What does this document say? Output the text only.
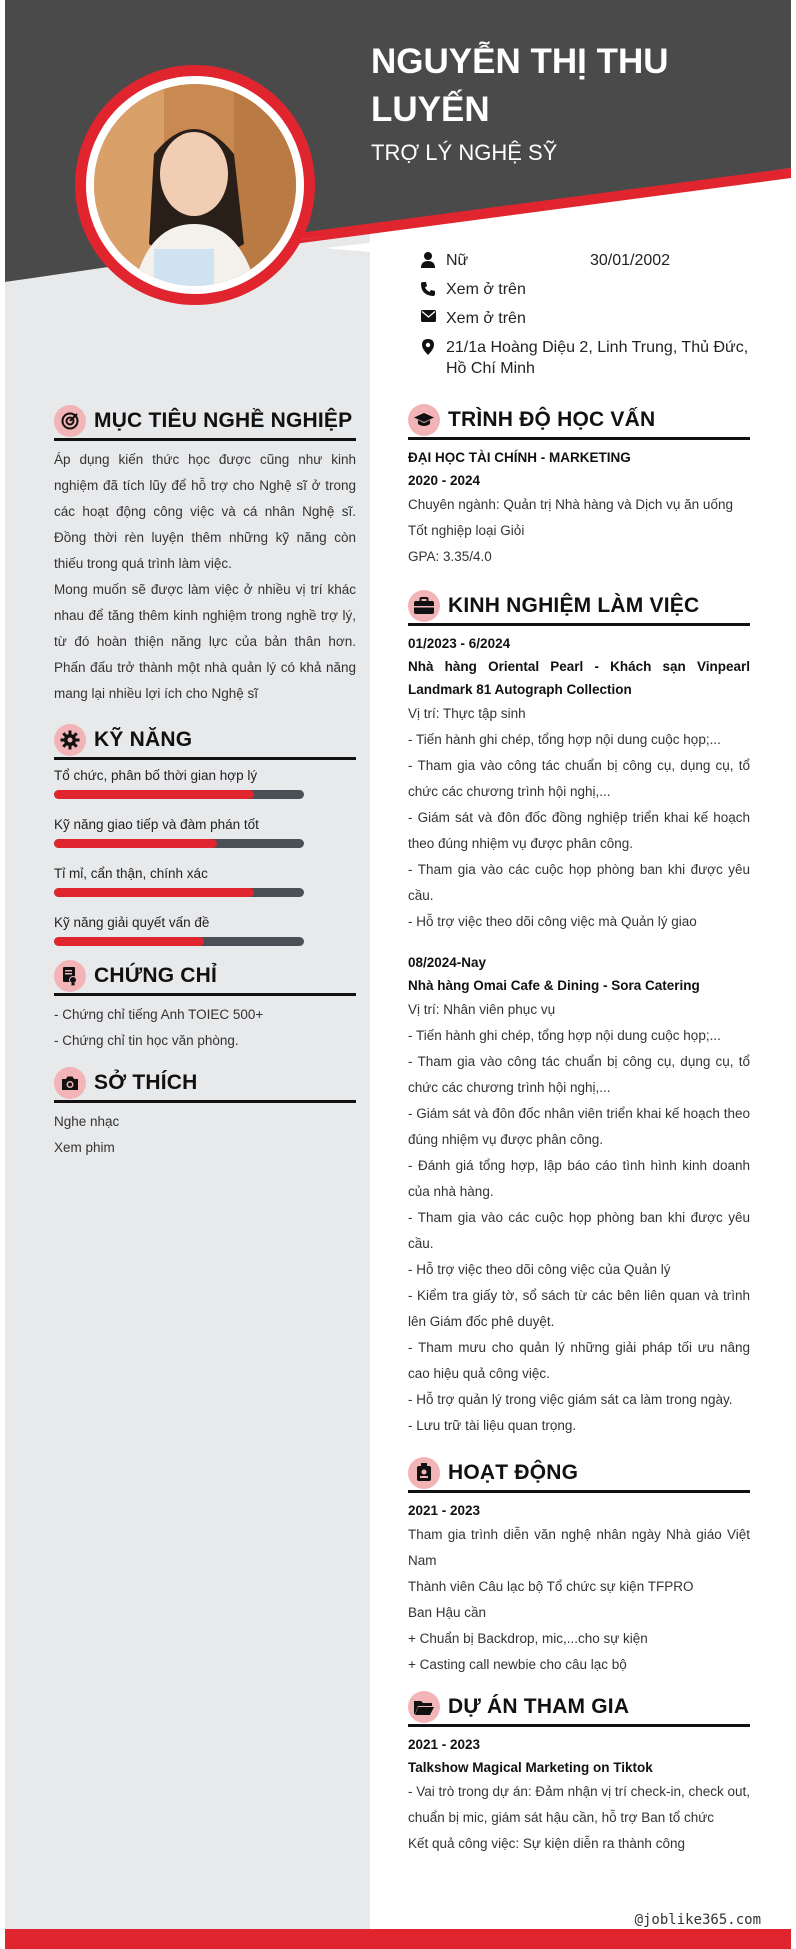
NGUYỄN THỊ THU LUYẾN
TRỢ LÝ NGHỆ SỸ
Nữ	30/01/2002
Xem ở trên
Xem ở trên
21/1a Hoàng Diệu 2, Linh Trung, Thủ Đức, Hồ Chí Minh
MỤC TIÊU NGHỀ NGHIỆP
Áp dụng kiến thức học được cũng như kinh nghiệm đã tích lũy để hỗ trợ cho Nghệ sĩ ở trong các hoạt động công việc và cá nhân Nghệ sĩ. Đồng thời rèn luyện thêm những kỹ năng còn thiếu trong quá trình làm việc.
Mong muốn sẽ được làm việc ở nhiều vị trí khác nhau để tăng thêm kinh nghiệm trong nghề trợ lý, từ đó hoàn thiện năng lực của bản thân hơn. Phấn đấu trở thành một nhà quản lý có khả năng mang lại nhiều lợi ích cho Nghệ sĩ
KỸ NĂNG
Tổ chức, phân bố thời gian hợp lý
Kỹ năng giao tiếp và đàm phán tốt
Tỉ mỉ, cẩn thận, chính xác
Kỹ năng giải quyết vấn đề
CHỨNG CHỈ
- Chứng chỉ tiếng Anh TOIEC 500+
- Chứng chỉ tin học văn phòng.
SỞ THÍCH
Nghe nhạc
Xem phim
TRÌNH ĐỘ HỌC VẤN
ĐẠI HỌC TÀI CHÍNH - MARKETING
2020 - 2024
Chuyên ngành: Quản trị Nhà hàng và Dịch vụ ăn uống
Tốt nghiệp loại Giỏi
GPA: 3.35/4.0
KINH NGHIỆM LÀM VIỆC
01/2023 - 6/2024
Nhà hàng Oriental Pearl - Khách sạn Vinpearl Landmark 81 Autograph Collection
Vị trí: Thực tập sinh
- Tiến hành ghi chép, tổng hợp nội dung cuộc họp;...
- Tham gia vào công tác chuẩn bị công cụ, dụng cụ, tổ chức các chương trình hội nghị,...
- Giám sát và đôn đốc đồng nghiệp triển khai kế hoạch theo đúng nhiệm vụ được phân công.
- Tham gia vào các cuộc họp phòng ban khi được yêu cầu.
- Hỗ trợ việc theo dõi công việc mà Quản lý giao
08/2024-Nay
Nhà hàng Omai Cafe & Dining - Sora Catering
Vị trí: Nhân viên phục vụ
- Tiến hành ghi chép, tổng hợp nội dung cuộc họp;...
- Tham gia vào công tác chuẩn bị công cụ, dụng cụ, tổ chức các chương trình hội nghị,...
- Giám sát và đôn đốc nhân viên triển khai kế hoạch theo đúng nhiệm vụ được phân công.
- Đánh giá tổng hợp, lập báo cáo tình hình kinh doanh của nhà hàng.
- Tham gia vào các cuộc họp phòng ban khi được yêu cầu.
- Hỗ trợ việc theo dõi công việc của Quản lý
- Kiểm tra giấy tờ, sổ sách từ các bên liên quan và trình lên Giám đốc phê duyệt.
- Tham mưu cho quản lý những giải pháp tối ưu nâng cao hiệu quả công việc.
- Hỗ trợ quản lý trong việc giám sát ca làm trong ngày.
- Lưu trữ tài liệu quan trọng.
HOẠT ĐỘNG
2021 - 2023
Tham gia trình diễn văn nghệ nhân ngày Nhà giáo Việt Nam
Thành viên Câu lạc bộ Tổ chức sự kiện TFPRO
Ban Hậu cần
+ Chuẩn bị Backdrop, mic,...cho sự kiện
+ Casting call newbie cho câu lạc bộ
DỰ ÁN THAM GIA
2021 - 2023
Talkshow Magical Marketing on Tiktok
- Vai trò trong dự án: Đảm nhận vị trí check-in, check out, chuẩn bị mic, giám sát hậu cần, hỗ trợ Ban tổ chức
Kết quả công việc: Sự kiện diễn ra thành công
@joblike365.com
